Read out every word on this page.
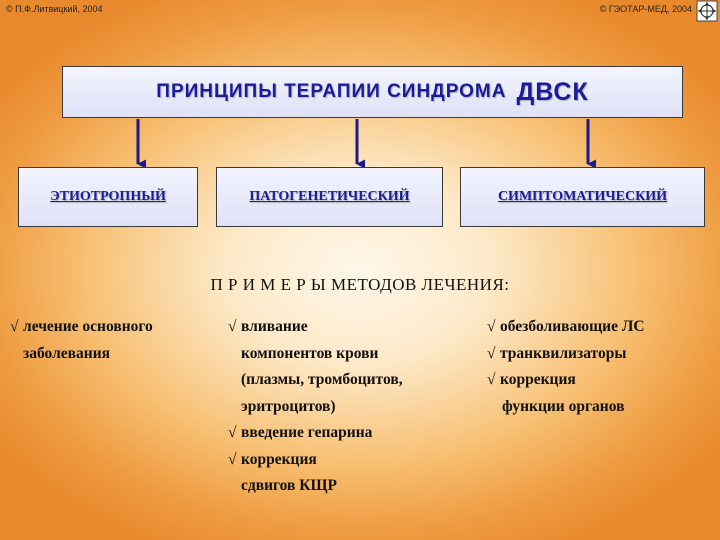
© П.Ф.Литвицкий, 2004	© ГЭОТАР-МЕД, 2004
ПРИНЦИПЫ ТЕРАПИИ СИНДРОМА ДВСК
ЭТИОТРОПНЫЙ	ПАТОГЕНЕТИЧЕСКИЙ	СИМПТОМАТИЧЕСКИЙ
П Р И М Е Р Ы МЕТОДОВ ЛЕЧЕНИЯ:
√ лечение основного
заболевания
√ вливание
компонентов крови
(плазмы, тромбоцитов,
эритроцитов)
√ введение гепарина
√ коррекция
сдвигов КЩР
√ обезболивающие ЛС
√ транквилизаторы
√ коррекция
функции органов
